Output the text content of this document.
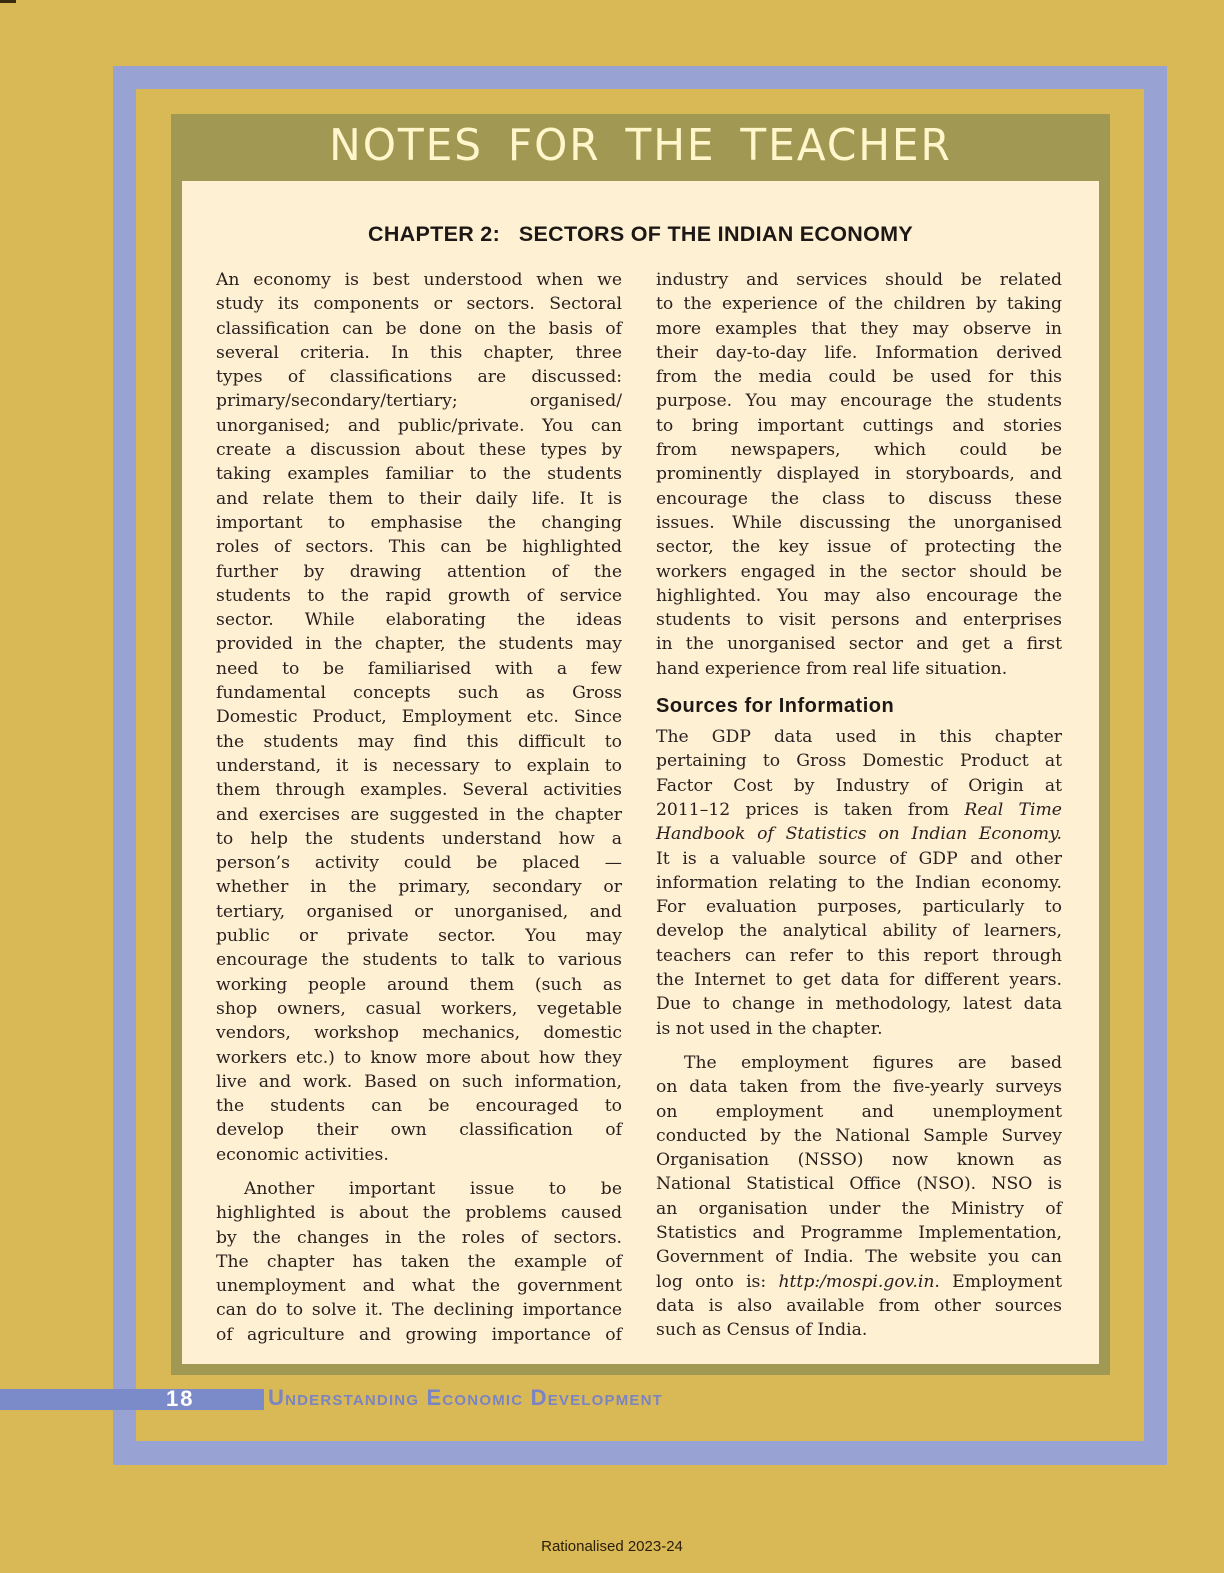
NOTES FOR THE TEACHER
CHAPTER 2:   SECTORS OF THE INDIAN ECONOMY
An economy is best understood when we
study its components or sectors. Sectoral
classification can be done on the basis of
several criteria. In this chapter, three
types of classifications are discussed:
primary/secondary/tertiary; organised/
unorganised; and public/private. You can
create a discussion about these types by
taking examples familiar to the students
and relate them to their daily life. It is
important to emphasise the changing
roles of sectors. This can be highlighted
further by drawing attention of the
students to the rapid growth of service
sector. While elaborating the ideas
provided in the chapter, the students may
need to be familiarised with a few
fundamental concepts such as Gross
Domestic Product, Employment etc. Since
the students may find this difficult to
understand, it is necessary to explain to
them through examples. Several activities
and exercises are suggested in the chapter
to help the students understand how a
person’s activity could be placed —
whether in the primary, secondary or
tertiary, organised or unorganised, and
public or private sector. You may
encourage the students to talk to various
working people around them (such as
shop owners, casual workers, vegetable
vendors, workshop mechanics, domestic
workers etc.) to know more about how they
live and work. Based on such information,
the students can be encouraged to
develop their own classification of
economic activities.
Another important issue to be
highlighted is about the problems caused
by the changes in the roles of sectors.
The chapter has taken the example of
unemployment and what the government
can do to solve it. The declining importance
of agriculture and growing importance of
industry and services should be related
to the experience of the children by taking
more examples that they may observe in
their day-to-day life. Information derived
from the media could be used for this
purpose. You may encourage the students
to bring important cuttings and stories
from newspapers, which could be
prominently displayed in storyboards, and
encourage the class to discuss these
issues. While discussing the unorganised
sector, the key issue of protecting the
workers engaged in the sector should be
highlighted. You may also encourage the
students to visit persons and enterprises
in the unorganised sector and get a first
hand experience from real life situation.
Sources for Information
The GDP data used in this chapter
pertaining to Gross Domestic Product at
Factor Cost by Industry of Origin at
2011–12 prices is taken from Real Time
Handbook of Statistics on Indian Economy.
It is a valuable source of GDP and other
information relating to the Indian economy.
For evaluation purposes, particularly to
develop the analytical ability of learners,
teachers can refer to this report through
the Internet to get data for different years.
Due to change in methodology, latest data
is not used in the chapter.
The employment figures are based
on data taken from the five-yearly surveys
on employment and unemployment
conducted by the National Sample Survey
Organisation (NSSO) now known as
National Statistical Office (NSO). NSO is
an organisation under the Ministry of
Statistics and Programme Implementation,
Government of India. The website you can
log onto is: http:/mospi.gov.in. Employment
data is also available from other sources
such as Census of India.
18	Understanding Economic Development
Rationalised 2023-24
